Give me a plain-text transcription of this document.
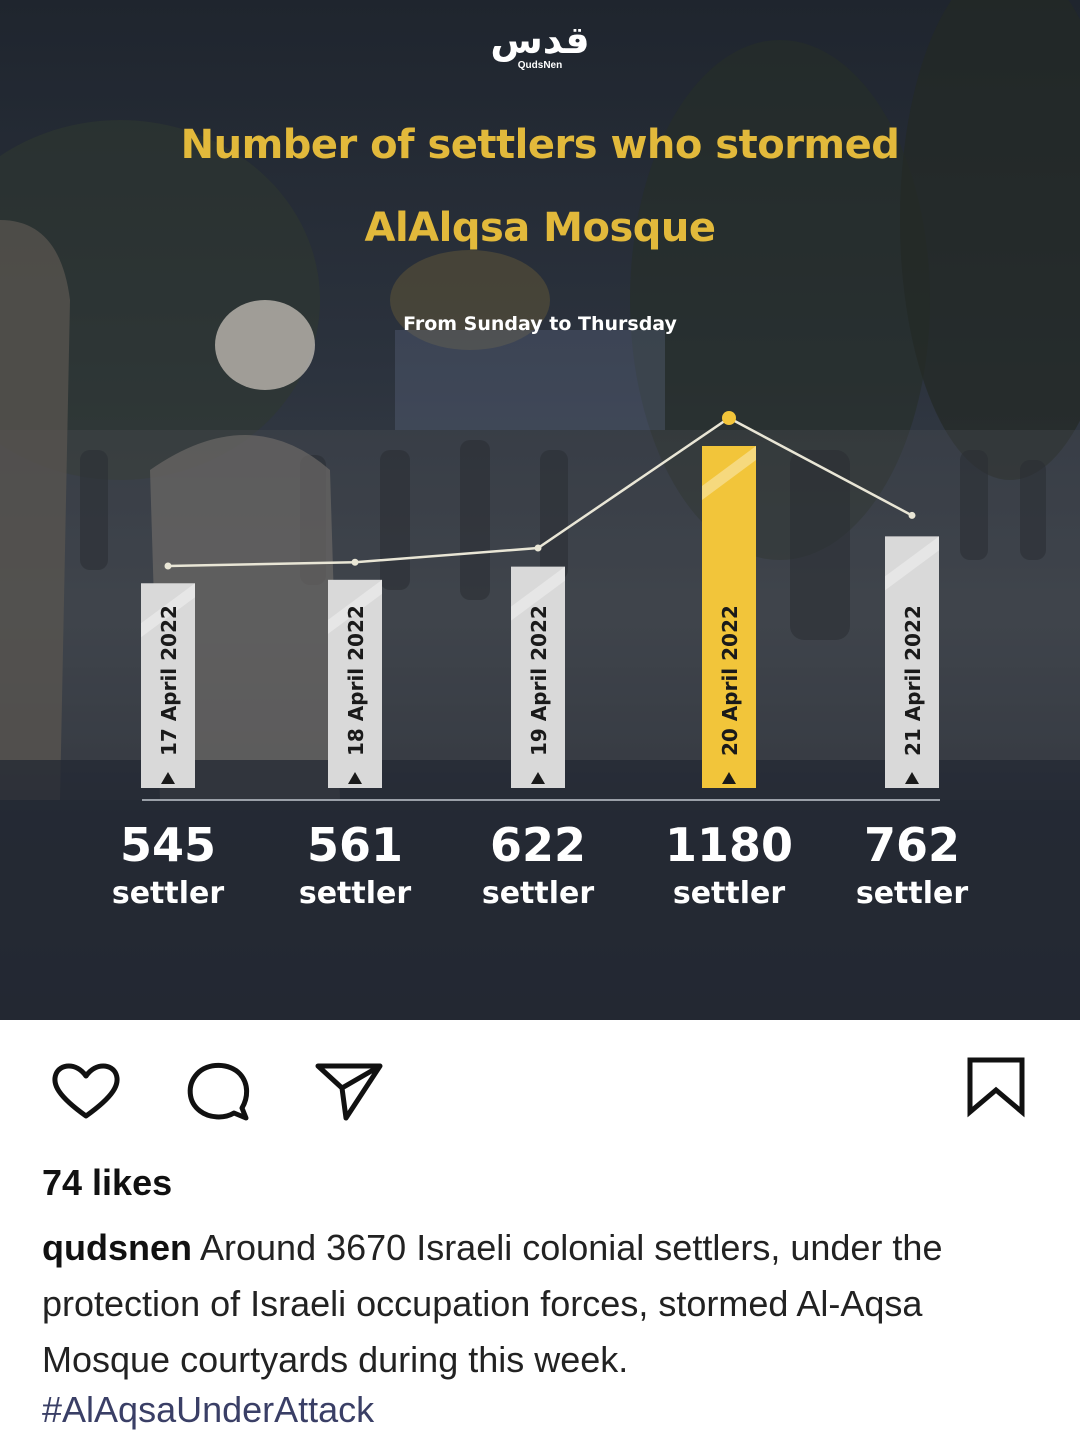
قدس
QudsNen
Number of settlers who stormed
AlAlqsa Mosque
From Sunday to Thursday
17 April 2022	18 April 2022	19 April 2022	20 April 2022	21 April 2022
545
settler
561
settler
622
settler
1180
settler
762
settler
74 likes
qudsnen Around 3670 Israeli colonial settlers, under the protection of Israeli occupation forces, stormed Al-Aqsa Mosque courtyards during this week.
#AlAqsaUnderAttack
